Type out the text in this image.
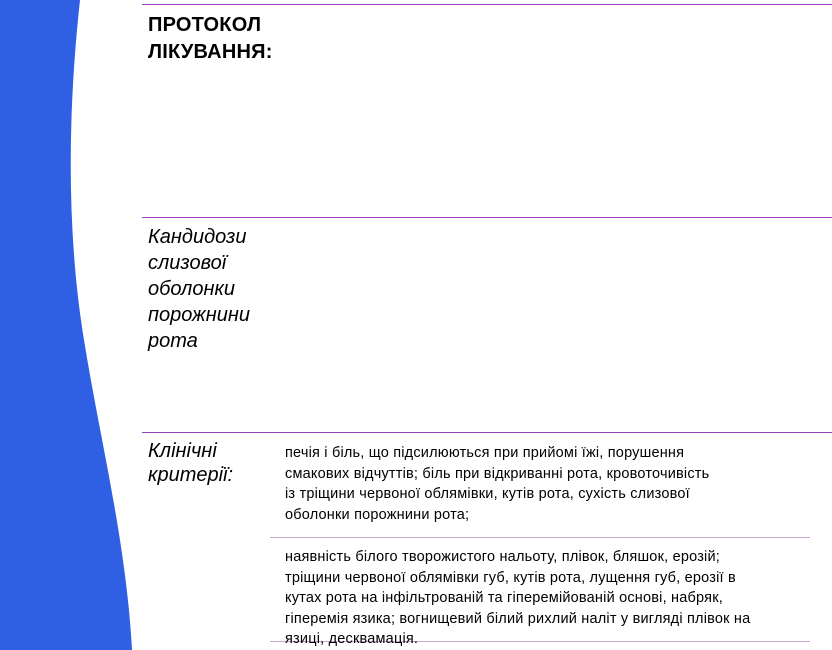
ПРОТОКОЛ
ЛІКУВАННЯ:
Кандидози
слизової
оболонки
порожнини
рота
Клінічні
критерії:
печія і біль, що підсилюються при прийомі їжі, порушення
смакових відчуттів; біль при відкриванні рота, кровоточивість
із тріщини червоної облямівки, кутів рота, сухість слизової
оболонки порожнини рота;
наявність білого творожистого нальоту, плівок, бляшок, ерозій;
тріщини червоної облямівки губ, кутів рота, лущення губ, ерозії в
кутах рота на інфільтрованій та гіперемійованій основі, набряк,
гіперемія язика; вогнищевий білий рихлий наліт у вигляді плівок на
язиці, десквамація.
